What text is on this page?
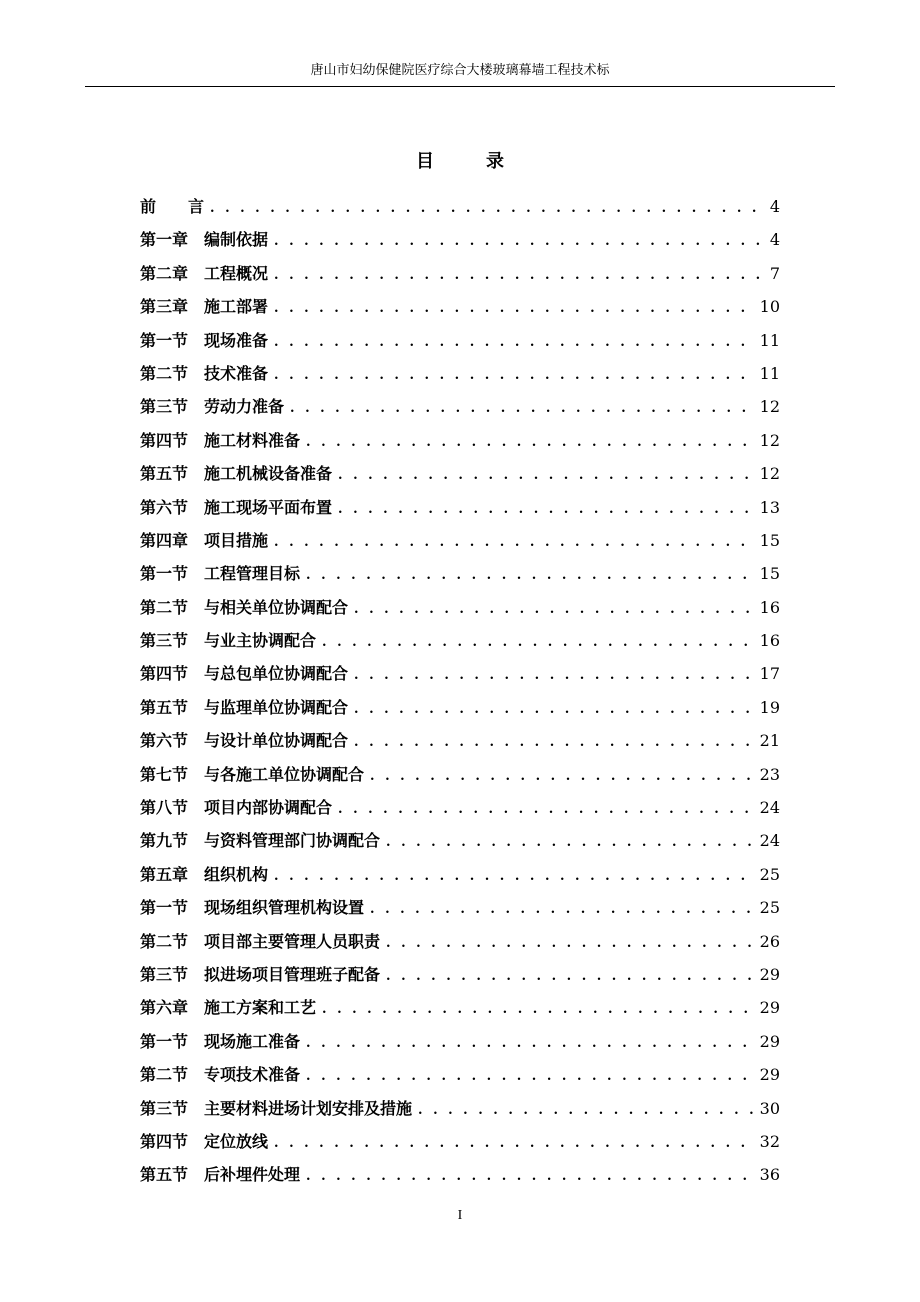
唐山市妇幼保健院医疗综合大楼玻璃幕墙工程技术标
目	录
前 言 . . .	4
第一章 编制依据 . . .	4
第二章 工程概况 . . .	7
第三章 施工部署 . . .	10
第一节 现场准备 . . .	11
第二节 技术准备 . . .	11
第三节 劳动力准备 . . .	12
第四节 施工材料准备 . . .	12
第五节 施工机械设备准备 . . .	12
第六节 施工现场平面布置 . . .	13
第四章 项目措施 . . .	15
第一节 工程管理目标 . . .	15
第二节 与相关单位协调配合 . . .	16
第三节 与业主协调配合 . . .	16
第四节 与总包单位协调配合 . . .	17
第五节 与监理单位协调配合 . . .	19
第六节 与设计单位协调配合 . . .	21
第七节 与各施工单位协调配合 . . .	23
第八节 项目内部协调配合 . . .	24
第九节 与资料管理部门协调配合 . . .	24
第五章 组织机构 . . .	25
第一节 现场组织管理机构设置 . . .	25
第二节 项目部主要管理人员职责 . . .	26
第三节 拟进场项目管理班子配备 . . .	29
第六章 施工方案和工艺 . . .	29
第一节 现场施工准备 . . .	29
第二节 专项技术准备 . . .	29
第三节 主要材料进场计划安排及措施 . . .	30
第四节 定位放线 . . .	32
第五节 后补埋件处理 . . .	36
I
